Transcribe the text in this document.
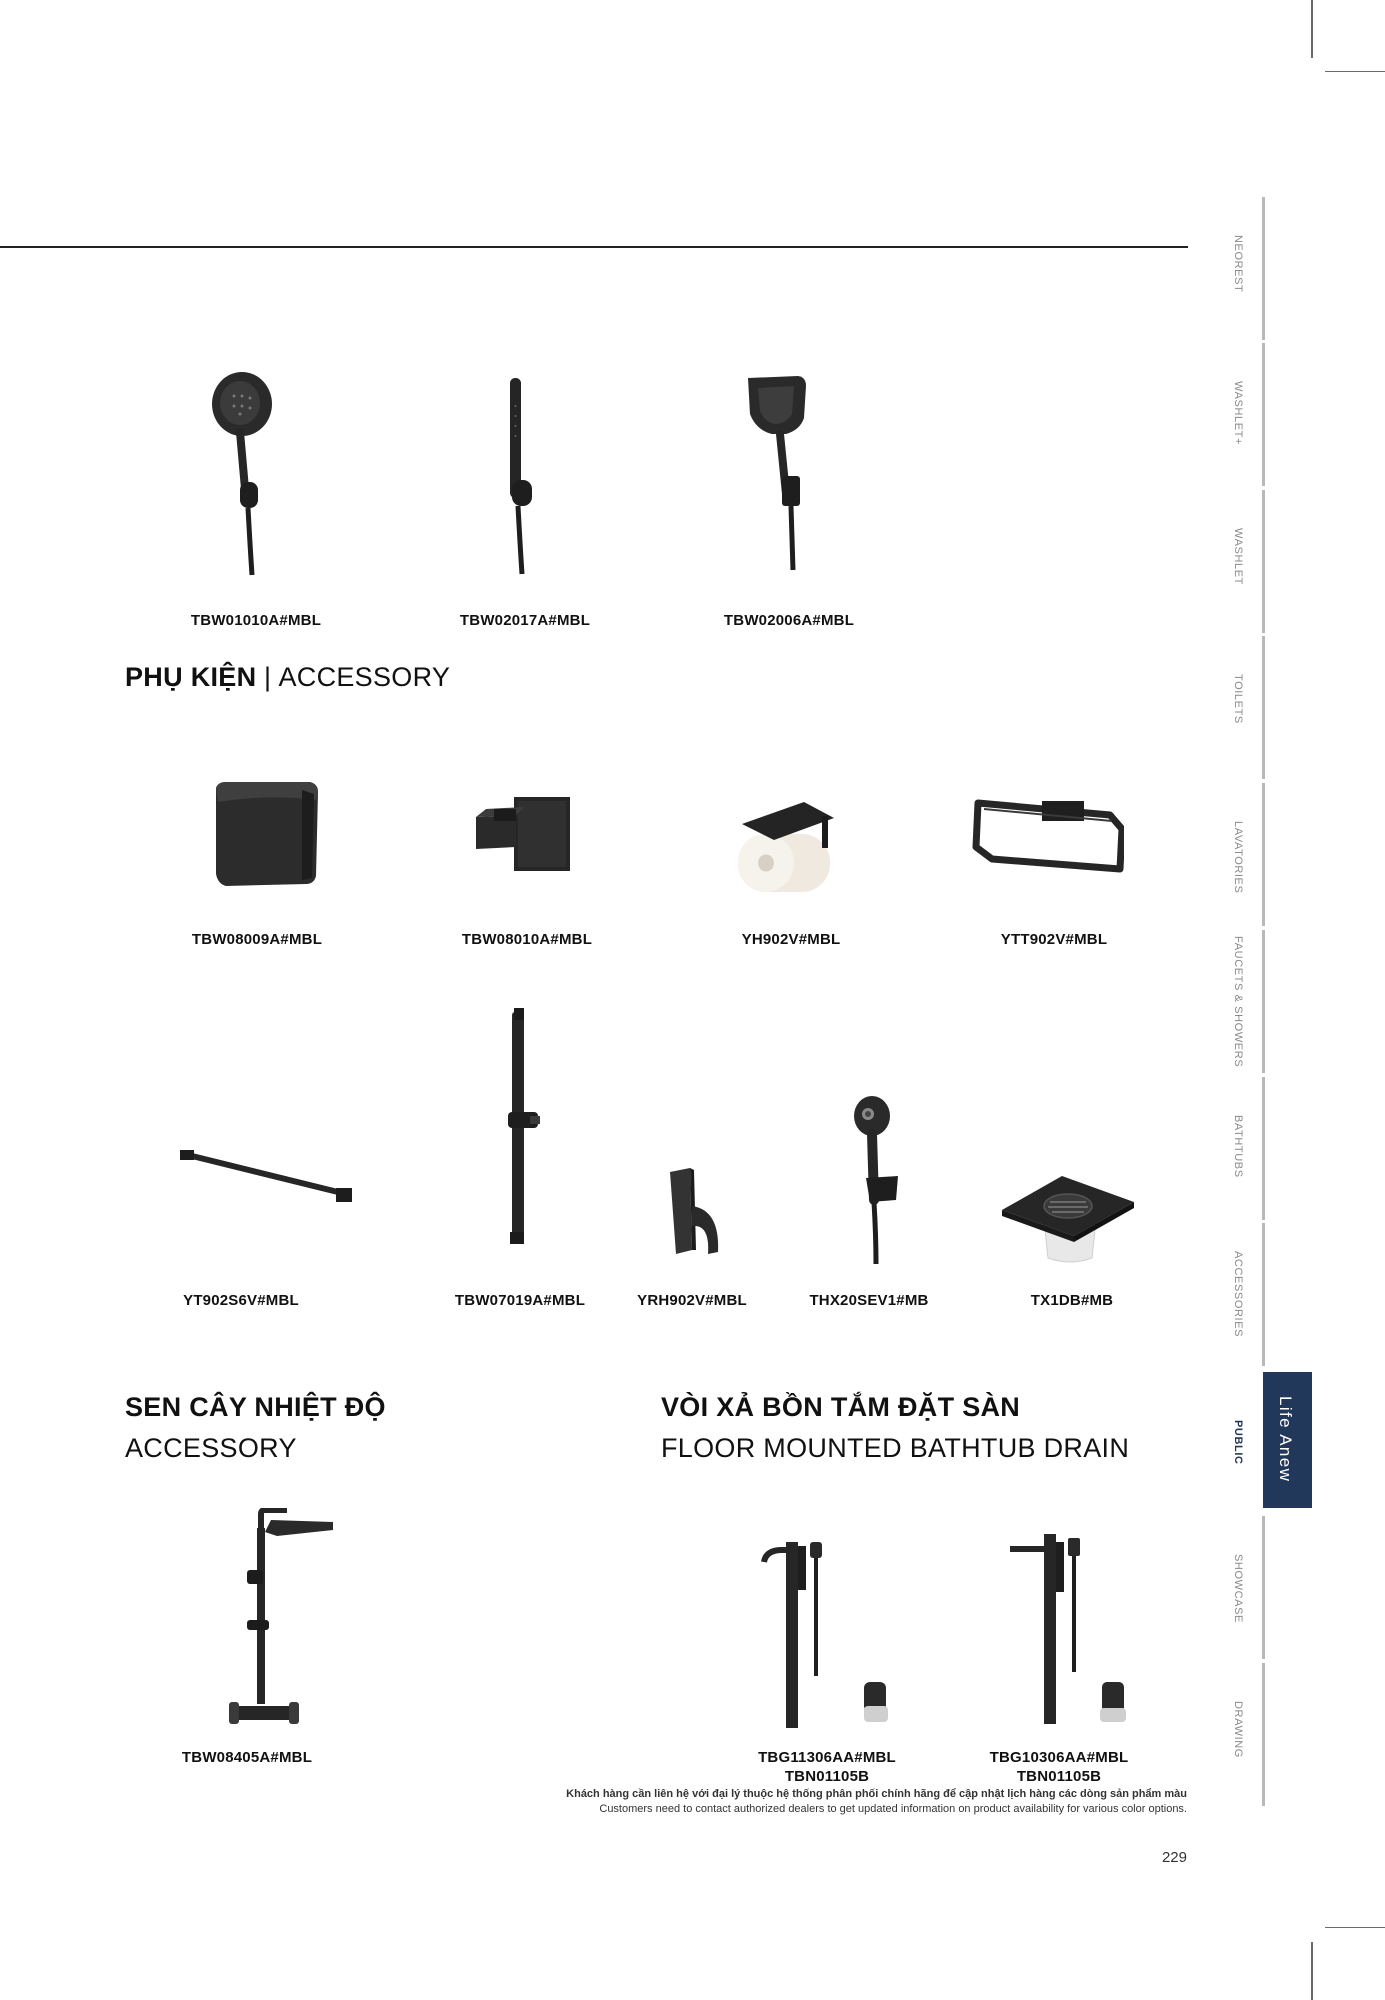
TBW01010A#MBL	TBW02017A#MBL	TBW02006A#MBL
PHỤ KIỆN | ACCESSORY
TBW08009A#MBL	TBW08010A#MBL	YH902V#MBL	YTT902V#MBL
YT902S6V#MBL	TBW07019A#MBL	YRH902V#MBL	THX20SEV1#MB	TX1DB#MB
SEN CÂY NHIỆT ĐỘ
ACCESSORY
TBW08405A#MBL
VÒI XẢ BỒN TẮM ĐẶT SÀN
FLOOR MOUNTED BATHTUB DRAIN
TBG11306AA#MBL
TBN01105B
TBG10306AA#MBL
TBN01105B
Khách hàng cần liên hệ với đại lý thuộc hệ thống phân phối chính hãng để cập nhật lịch hàng các dòng sản phẩm màu
Customers need to contact authorized dealers to get updated information on product availability for various color options.
229
NEOREST
WASHLET+
WASHLET
TOILETS
LAVATORIES
FAUCETS & SHOWERS
BATHTUBS
ACCESSORIES
PUBLIC Life Anew
SHOWCASE
DRAWING
